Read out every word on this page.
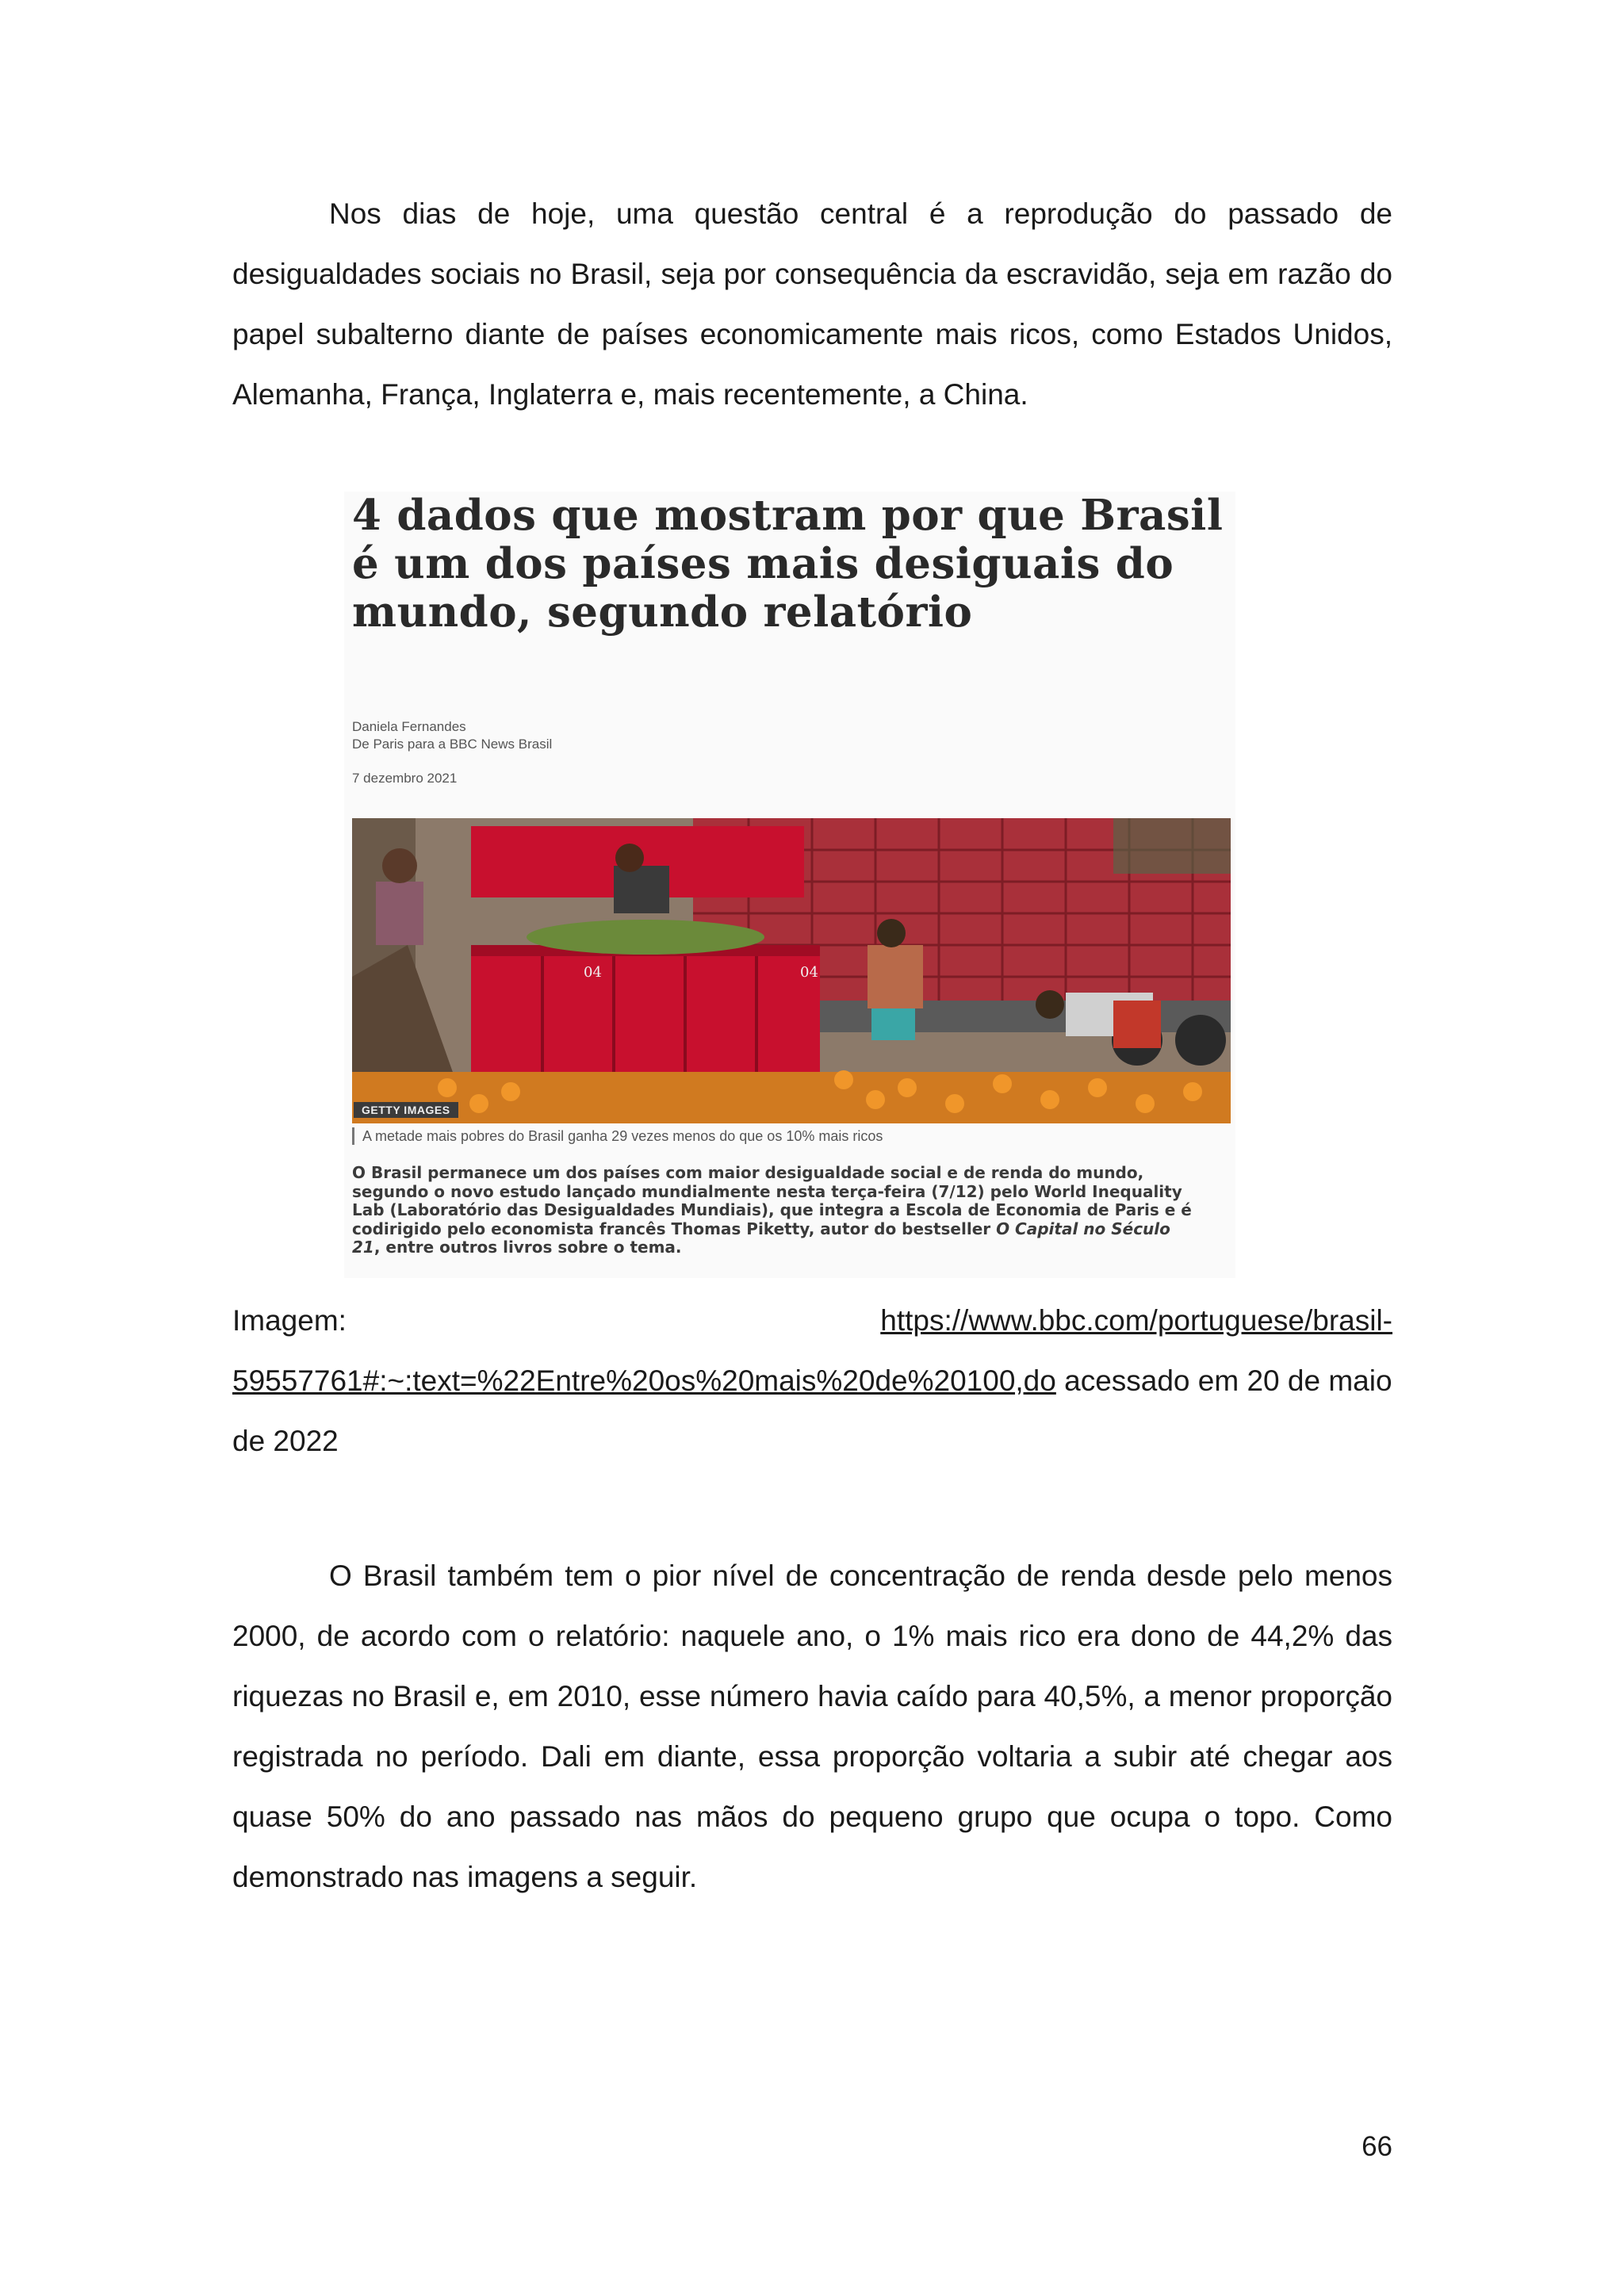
Nos dias de hoje, uma questão central é a reprodução do passado de desigualdades sociais no Brasil, seja por consequência da escravidão, seja em razão do papel subalterno diante de países economicamente mais ricos, como Estados Unidos, Alemanha, França, Inglaterra e, mais recentemente, a China.

4 dados que mostram por que Brasil é um dos países mais desiguais do mundo, segundo relatório
Daniela Fernandes
De Paris para a BBC News Brasil
7 dezembro 2021
04	04
GETTY IMAGES
A metade mais pobres do Brasil ganha 29 vezes menos do que os 10% mais ricos
O Brasil permanece um dos países com maior desigualdade social e de renda do mundo, segundo o novo estudo lançado mundialmente nesta terça-feira (7/12) pelo World Inequality Lab (Laboratório das Desigualdades Mundiais), que integra a Escola de Economia de Paris e é codirigido pelo economista francês Thomas Piketty, autor do bestseller O Capital no Século 21, entre outros livros sobre o tema.
Imagem:	https://www.bbc.com/portuguese/brasil-
59557761#:~:text=%22Entre%20os%20mais%20de%20100,do acessado em 20 de maio de 2022

O Brasil também tem o pior nível de concentração de renda desde pelo menos 2000, de acordo com o relatório: naquele ano, o 1% mais rico era dono de 44,2% das riquezas no Brasil e, em 2010, esse número havia caído para 40,5%, a menor proporção registrada no período. Dali em diante, essa proporção voltaria a subir até chegar aos quase 50% do ano passado nas mãos do pequeno grupo que ocupa o topo. Como demonstrado nas imagens a seguir.

66
